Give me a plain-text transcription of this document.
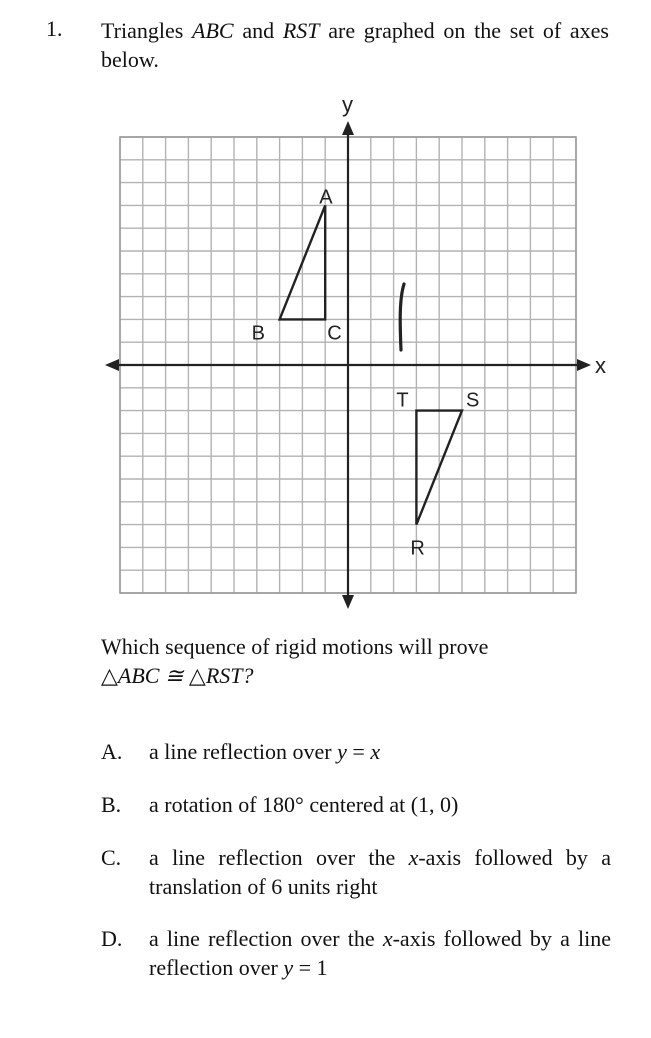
1. Triangles ABC and RST are graphed on the set of axes below.
x
y
A
B	C
R
S
T
Which sequence of rigid motions will prove
△ABC ≅ △RST?
A. a line reflection over y = x
B. a rotation of 180° centered at (1, 0)
C. a line reflection over the x-axis followed by a translation of 6 units right
D. a line reflection over the x-axis followed by a line reflection over y = 1
